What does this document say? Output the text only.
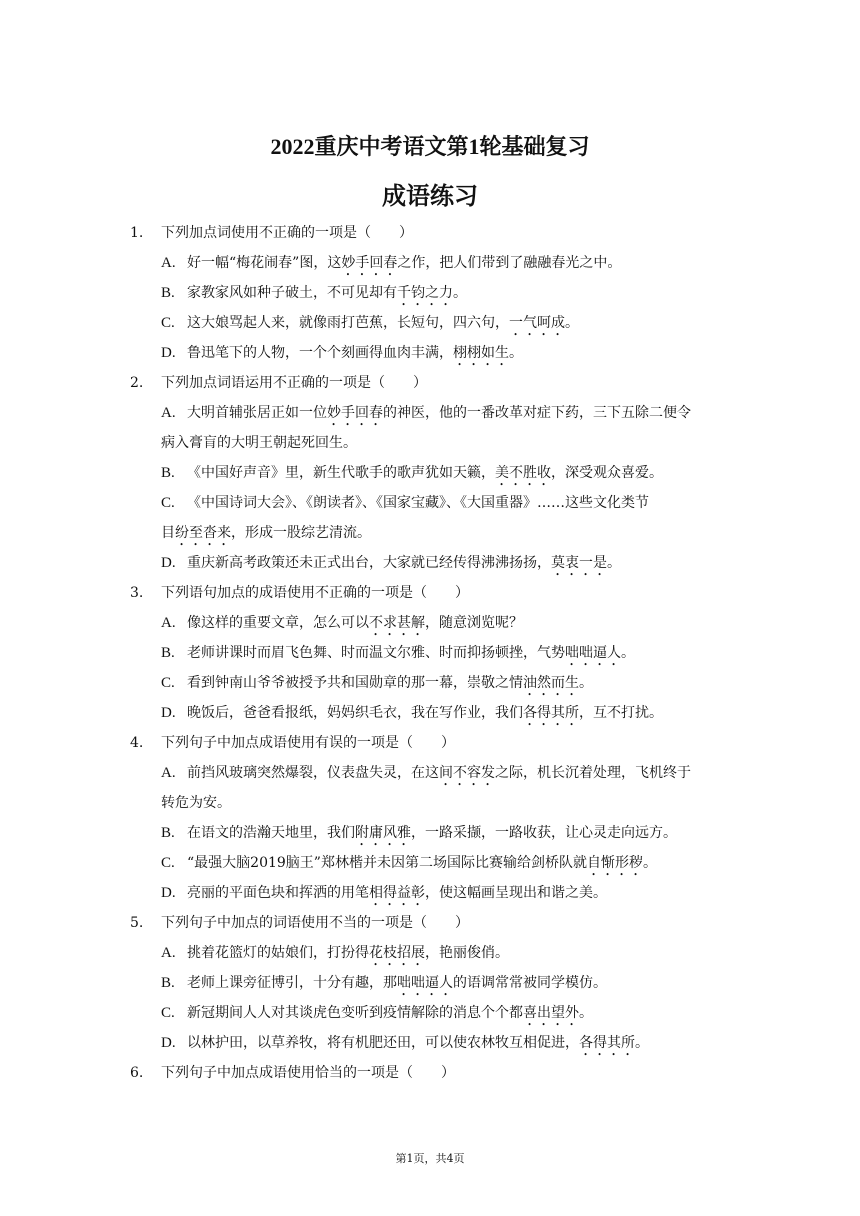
2022重庆中考语文第1轮基础复习
成语练习
1.	下列加点词使用不正确的一项是（　　）
A. 好一幅“梅花闹春”图，这妙手回春之作，把人们带到了融融春光之中。
B. 家教家风如种子破土，不可见却有千钧之力。
C. 这大娘骂起人来，就像雨打芭蕉，长短句，四六句，一气呵成。
D. 鲁迅笔下的人物，一个个刻画得血肉丰满，栩栩如生。
2.	下列加点词语运用不正确的一项是（　　）
A. 大明首辅张居正如一位妙手回春的神医，他的一番改革对症下药，三下五除二便令
病入膏肓的大明王朝起死回生。
B. 《中国好声音》里，新生代歌手的歌声犹如天籁，美不胜收，深受观众喜爱。
C. 《中国诗词大会》、《朗读者》、《国家宝藏》、《大国重器》……这些文化类节
目纷至沓来，形成一股综艺清流。
D. 重庆新高考政策还未正式出台，大家就已经传得沸沸扬扬，莫衷一是。
3.	下列语句加点的成语使用不正确的一项是（　　）
A. 像这样的重要文章，怎么可以不求甚解，随意浏览呢？
B. 老师讲课时而眉飞色舞、时而温文尔雅、时而抑扬顿挫，气势咄咄逼人。
C. 看到钟南山爷爷被授予共和国勋章的那一幕，崇敬之情油然而生。
D. 晚饭后，爸爸看报纸，妈妈织毛衣，我在写作业，我们各得其所，互不打扰。
4.	下列句子中加点成语使用有误的一项是（　　）
A. 前挡风玻璃突然爆裂，仪表盘失灵，在这间不容发之际，机长沉着处理，飞机终于
转危为安。
B. 在语文的浩瀚天地里，我们附庸风雅，一路采撷，一路收获，让心灵走向远方。
C. “最强大脑2019脑王”郑林楷并未因第二场国际比赛输给剑桥队就自惭形秽。
D. 亮丽的平面色块和挥洒的用笔相得益彰，使这幅画呈现出和谐之美。
5.	下列句子中加点的词语使用不当的一项是（　　）
A. 挑着花篮灯的姑娘们，打扮得花枝招展，艳丽俊俏。
B. 老师上课旁征博引，十分有趣，那咄咄逼人的语调常常被同学模仿。
C. 新冠期间人人对其谈虎色变听到疫情解除的消息个个都喜出望外。
D. 以林护田，以草养牧，将有机肥还田，可以使农林牧互相促进，各得其所。
6.	下列句子中加点成语使用恰当的一项是（　　）
第1页，共4页
